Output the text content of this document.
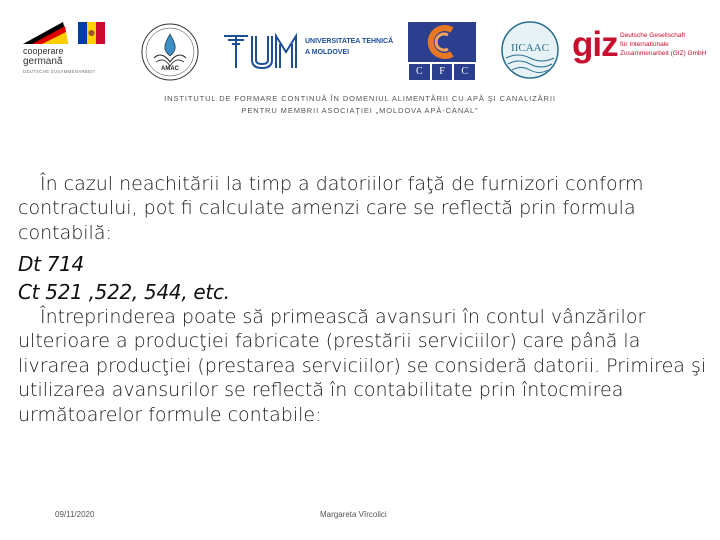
cooperare
germană
DEUTSCHE ZUSAMMENARBEIT	AMAC
UNIVERSITATEA TEHNICĂ
A MOLDOVEI
C	F	C
IICAAC giz Deutsche Gesellschaft
für Internationale
Zusammenarbeit (GIZ) GmbH
INSTITUTUL DE FORMARE CONTINUĂ ÎN DOMENIUL ALIMENTĂRII CU APĂ ŞI CANALIZĂRII
PENTRU MEMBRII ASOCIAŢIEI „MOLDOVA APĂ-CANAL”
În cazul neachitării la timp a datoriilor faţă de furnizori conform contractului, pot fi calculate amenzi care se reflectă prin formula contabilă:
Dt 714
Ct 521 ,522, 544, etc.
Întreprinderea poate să primească avansuri în contul vânzărilor ulterioare a producţiei fabricate (prestării serviciilor) care până la livrarea producţiei (prestarea serviciilor) se consideră datorii. Primirea şi utilizarea avansurilor se reflectă în contabilitate prin întocmirea următoarelor formule contabile:
09/11/2020	Margareta Vîrcolici
